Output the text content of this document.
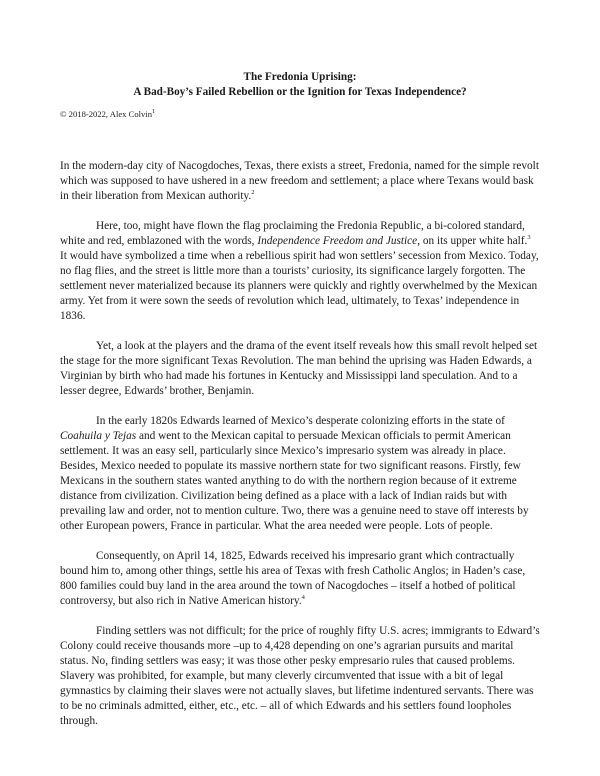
The Fredonia Uprising:
A Bad-Boy’s Failed Rebellion or the Ignition for Texas Independence?
© 2018-2022, Alex Colvin$^1$

In the modern-day city of Nacogdoches, Texas, there exists a street, Fredonia, named for the simple revolt which was supposed to have ushered in a new freedom and settlement; a place where Texans would bask in their liberation from Mexican authority.$^2$

Here, too, might have flown the flag proclaiming the Fredonia Republic, a bi-colored standard, white and red, emblazoned with the words, Independence Freedom and Justice, on its upper white half.$^3$ It would have symbolized a time when a rebellious spirit had won settlers’ secession from Mexico. Today, no flag flies, and the street is little more than a tourists’ curiosity, its significance largely forgotten. The settlement never materialized because its planners were quickly and rightly overwhelmed by the Mexican army. Yet from it were sown the seeds of revolution which lead, ultimately, to Texas’ independence in 1836.

Yet, a look at the players and the drama of the event itself reveals how this small revolt helped set the stage for the more significant Texas Revolution. The man behind the uprising was Haden Edwards, a Virginian by birth who had made his fortunes in Kentucky and Mississippi land speculation. And to a lesser degree, Edwards’ brother, Benjamin.

In the early 1820s Edwards learned of Mexico’s desperate colonizing efforts in the state of Coahuila y Tejas and went to the Mexican capital to persuade Mexican officials to permit American settlement. It was an easy sell, particularly since Mexico’s impresario system was already in place. Besides, Mexico needed to populate its massive northern state for two significant reasons. Firstly, few Mexicans in the southern states wanted anything to do with the northern region because of it extreme distance from civilization. Civilization being defined as a place with a lack of Indian raids but with prevailing law and order, not to mention culture. Two, there was a genuine need to stave off interests by other European powers, France in particular. What the area needed were people. Lots of people.

Consequently, on April 14, 1825, Edwards received his impresario grant which contractually bound him to, among other things, settle his area of Texas with fresh Catholic Anglos; in Haden’s case, 800 families could buy land in the area around the town of Nacogdoches – itself a hotbed of political controversy, but also rich in Native American history.$^4$

Finding settlers was not difficult; for the price of roughly fifty U.S. acres; immigrants to Edward’s Colony could receive thousands more –up to 4,428 depending on one’s agrarian pursuits and marital status. No, finding settlers was easy; it was those other pesky empresario rules that caused problems. Slavery was prohibited, for example, but many cleverly circumvented that issue with a bit of legal gymnastics by claiming their slaves were not actually slaves, but lifetime indentured servants. There was to be no criminals admitted, either, etc., etc. – all of which Edwards and his settlers found loopholes through.
